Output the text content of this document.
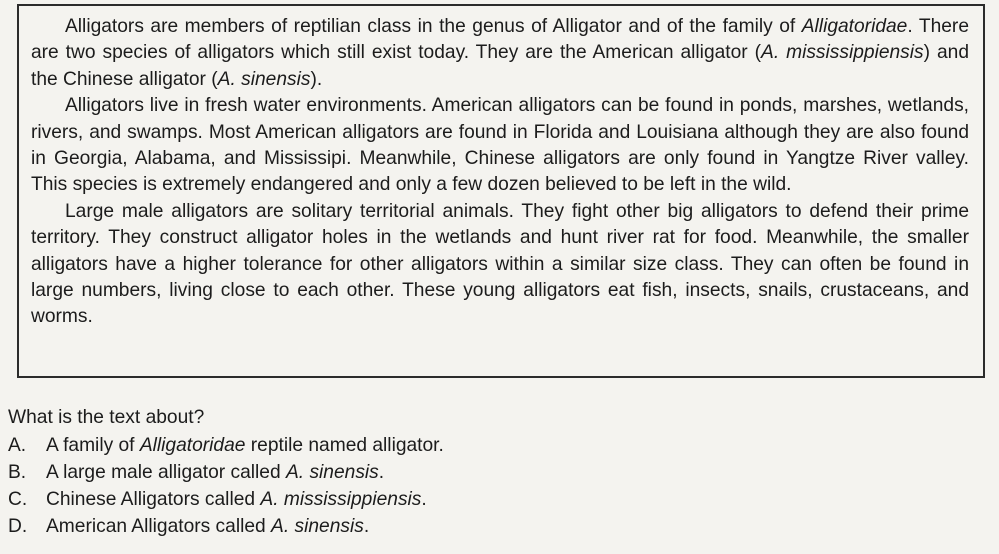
Alligators are members of reptilian class in the genus of Alligator and of the family of Alligatoridae. There are two species of alligators which still exist today. They are the American alligator (A. mississippiensis) and the Chinese alligator (A. sinensis).

Alligators live in fresh water environments. American alligators can be found in ponds, marshes, wetlands, rivers, and swamps. Most American alligators are found in Florida and Louisiana although they are also found in Georgia, Alabama, and Mississipi. Meanwhile, Chinese alligators are only found in Yangtze River valley. This species is extremely endangered and only a few dozen believed to be left in the wild.

Large male alligators are solitary territorial animals. They fight other big alligators to defend their prime territory. They construct alligator holes in the wetlands and hunt river rat for food. Meanwhile, the smaller alligators have a higher tolerance for other alligators within a similar size class. They can often be found in large numbers, living close to each other. These young alligators eat fish, insects, snails, crustaceans, and worms.

What is the text about?
A.	A family of Alligatoridae reptile named alligator.
B.	A large male alligator called A. sinensis.
C. Chinese Alligators called A. mississippiensis.
D. American Alligators called A. sinensis.
